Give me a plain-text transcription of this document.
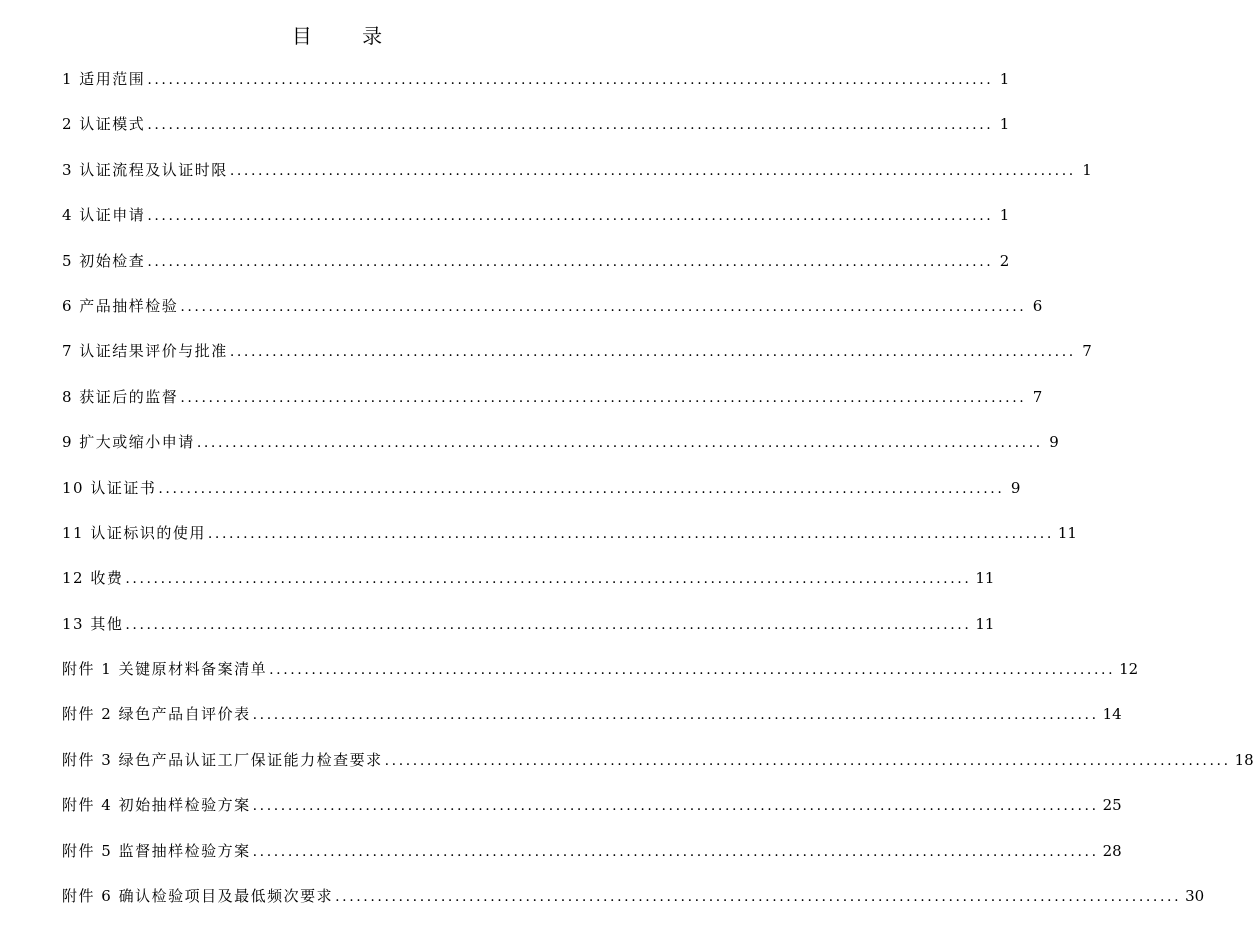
目 录
1 适用范围 ........................................................................................................................ 1
2 认证模式 ........................................................................................................................ 1
3 认证流程及认证时限 ........................................................................................................................ 1
4 认证申请 ........................................................................................................................ 1
5 初始检查 ........................................................................................................................ 2
6 产品抽样检验 ........................................................................................................................ 6
7 认证结果评价与批准 ........................................................................................................................ 7
8 获证后的监督 ........................................................................................................................ 7
9 扩大或缩小申请 ........................................................................................................................ 9
10 认证证书 ........................................................................................................................ 9
11 认证标识的使用 ........................................................................................................................ 11
12 收费 ........................................................................................................................ 11
13 其他 ........................................................................................................................ 11
附件 1 关键原材料备案清单 ........................................................................................................................ 12
附件 2 绿色产品自评价表 ........................................................................................................................ 14
附件 3 绿色产品认证工厂保证能力检查要求 ........................................................................................................................ 18
附件 4 初始抽样检验方案 ........................................................................................................................ 25
附件 5 监督抽样检验方案 ........................................................................................................................ 28
附件 6 确认检验项目及最低频次要求 ........................................................................................................................ 30
